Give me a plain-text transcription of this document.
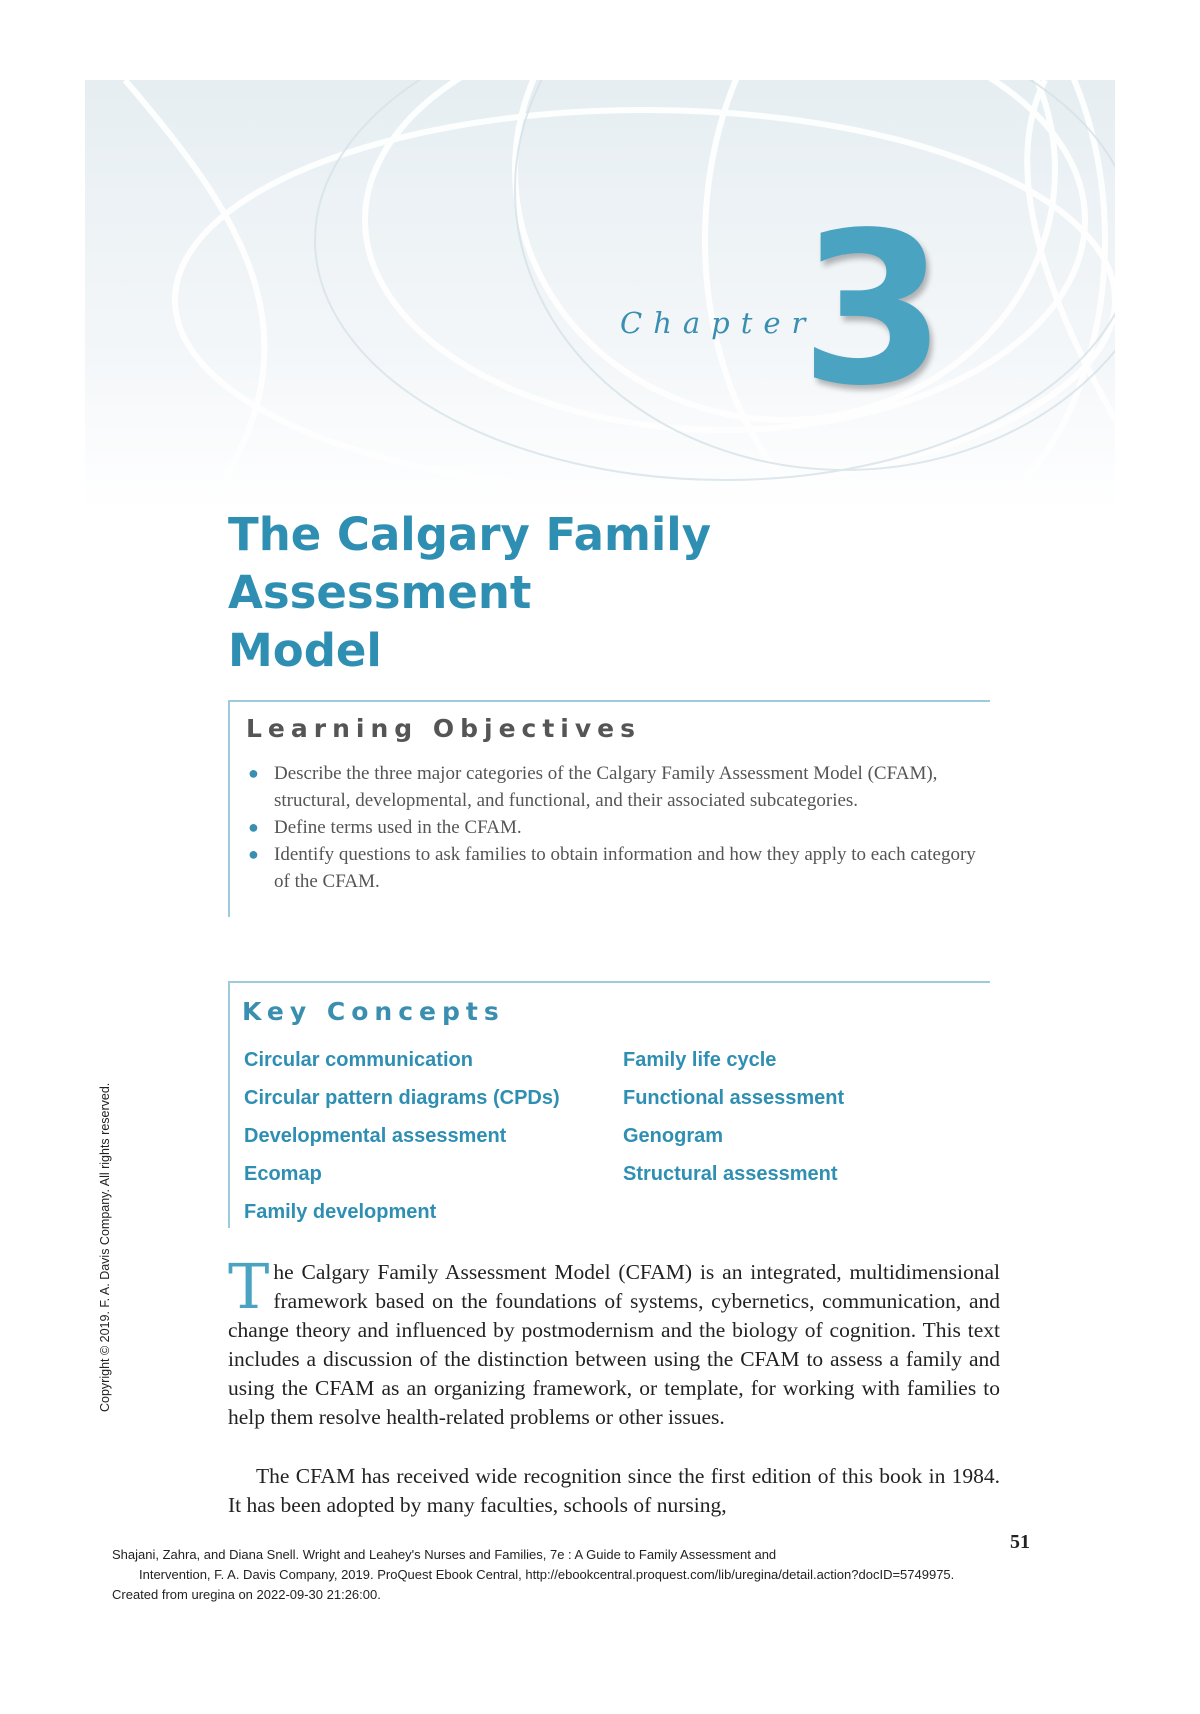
Chapter
3
The Calgary Family Assessment
Model
Learning Objectives
● Describe the three major categories of the Calgary Family Assessment Model (CFAM), structural, developmental, and functional, and their associated subcategories.
● Define terms used in the CFAM.
● Identify questions to ask families to obtain information and how they apply to each category of the CFAM.
Key Concepts
Circular communication
Circular pattern diagrams (CPDs)
Developmental assessment
Ecomap
Family development
Family life cycle
Functional assessment
Genogram
Structural assessment

The Calgary Family Assessment Model (CFAM) is an integrated, multidimensional framework based on the foundations of systems, cybernetics, communication, and change theory and influenced by postmodernism and the biology of cognition. This text includes a discussion of the distinction between using the CFAM to assess a family and using the CFAM as an organizing framework, or template, for working with families to help them resolve health-related problems or other issues.

The CFAM has received wide recognition since the first edition of this book in 1984. It has been adopted by many faculties, schools of nursing,

51
Copyright © 2019. F. A. Davis Company. All rights reserved.
Shajani, Zahra, and Diana Snell. Wright and Leahey's Nurses and Families, 7e : A Guide to Family Assessment and
Intervention, F. A. Davis Company, 2019. ProQuest Ebook Central, http://ebookcentral.proquest.com/lib/uregina/detail.action?docID=5749975.
Created from uregina on 2022-09-30 21:26:00.
